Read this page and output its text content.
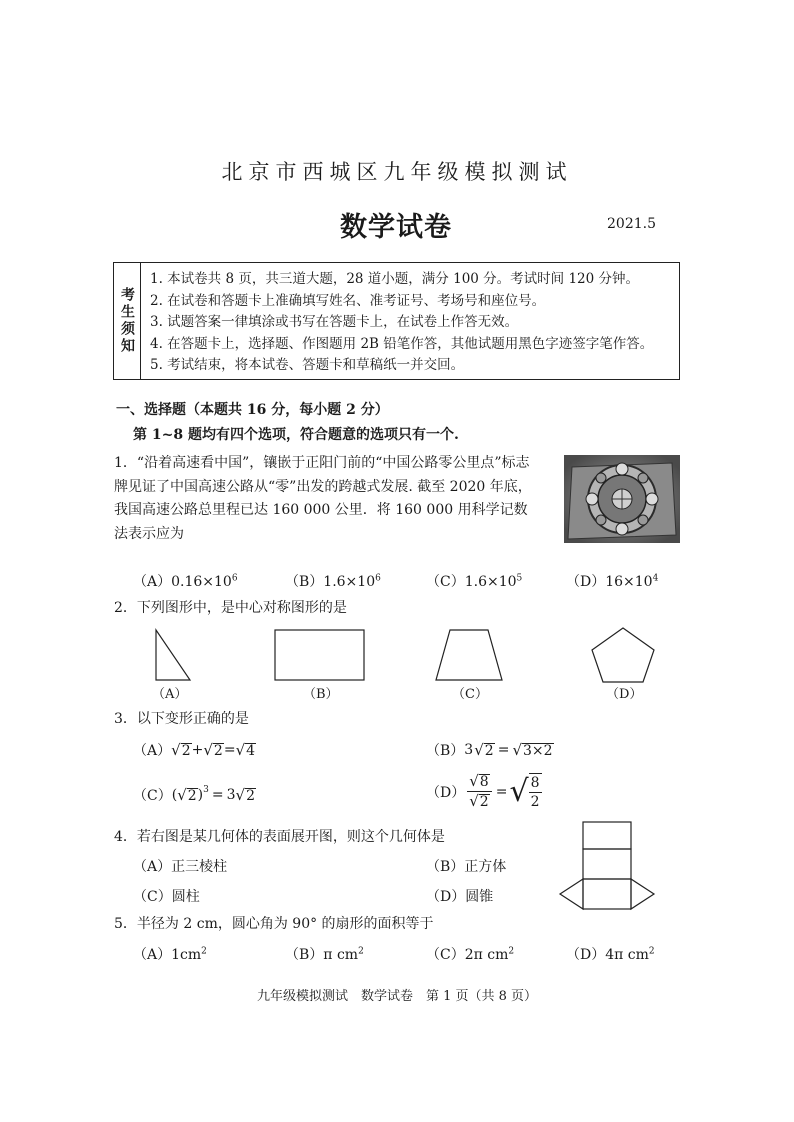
北京市西城区九年级模拟测试
数学试卷	2021.5
考生须知
1. 本试卷共 8 页，共三道大题，28 道小题，满分 100 分。考试时间 120 分钟。
2. 在试卷和答题卡上准确填写姓名、准考证号、考场号和座位号。
3. 试题答案一律填涂或书写在答题卡上，在试卷上作答无效。
4. 在答题卡上，选择题、作图题用 2B 铅笔作答，其他试题用黑色字迹签字笔作答。
5. 考试结束，将本试卷、答题卡和草稿纸一并交回。
一、选择题（本题共 16 分，每小题 2 分）
第 1~8 题均有四个选项，符合题意的选项只有一个.
1．“沿着高速看中国”，镶嵌于正阳门前的“中国公路零公里点”标志牌见证了中国高速公路从“零”出发的跨越式发展. 截至 2020 年底，我国高速公路总里程已达 160 000 公里．将 160 000 用科学记数法表示应为
$(A)0.16\times 10^6$	$(B)1.6\times 10^6$	$(C)1.6\times 10^5$	$(D)16\times 10^4$
2．下列图形中，是中心对称图形的是
（A）	（B）	（C）	（D）
3．以下变形正确的是
（A） √ 2 + √ 2 = √ 4	（B） 3 √ 2 = √ 3×2
（C） ( √ 2 )$^3$ = 3 √ 2	$(D) \frac{√ 8}{√ 2}$ = √ $\frac{8}{2}$
4．若右图是某几何体的表面展开图，则这个几何体是
（A）正三棱柱	（B）正方体
（C）圆柱	（D）圆锥
5．半径为 2 cm，圆心角为 90° 的扇形的面积等于
$(A)1cm^2$	（B）π $cm^2$	（C）2π $cm^2$	（D）4π $cm^2$
九年级模拟测试　数学试卷　第 1 页（共 8 页）
